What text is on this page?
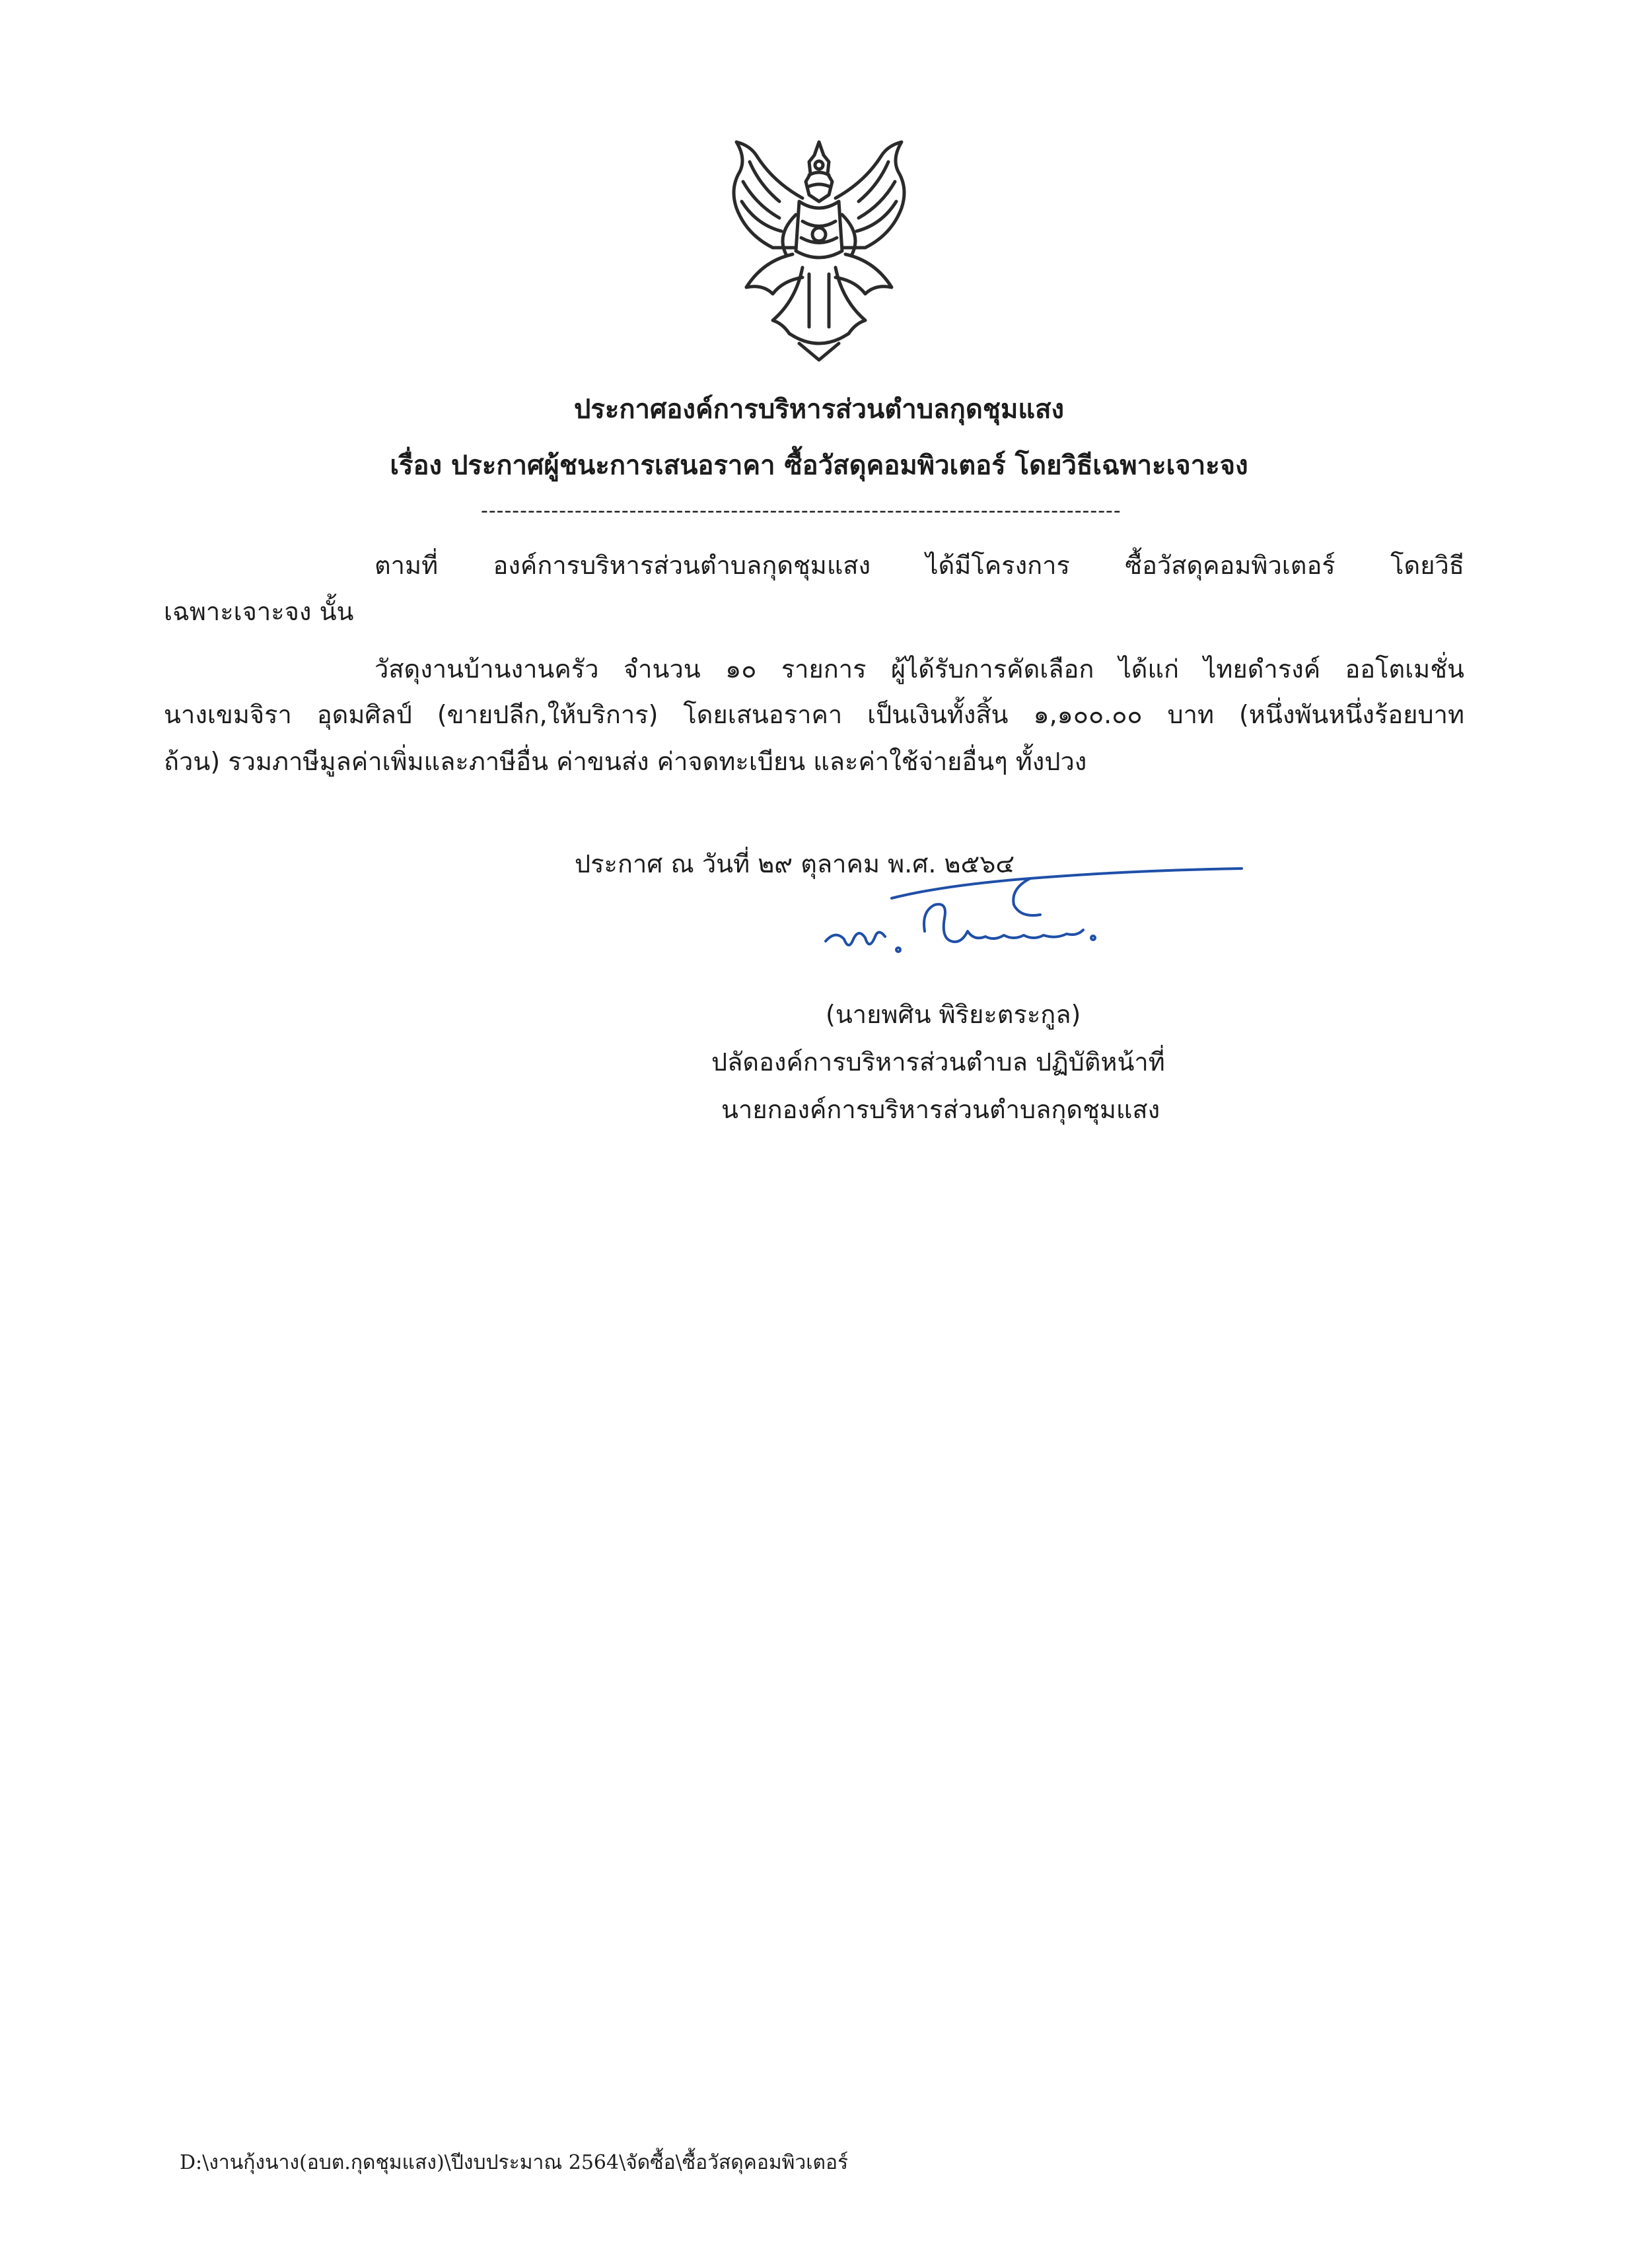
ประกาศองค์การบริหารส่วนตำบลกุดชุมแสง
เรื่อง ประกาศผู้ชนะการเสนอราคา ซื้อวัสดุคอมพิวเตอร์ โดยวิธีเฉพาะเจาะจง
----------------------------------------------------------------------------------
ตามที่ องค์การบริหารส่วนตำบลกุดชุมแสง ได้มีโครงการ ซื้อวัสดุคอมพิวเตอร์ โดยวิธี
เฉพาะเจาะจง นั้น
วัสดุงานบ้านงานครัว จำนวน ๑๐ รายการ ผู้ได้รับการคัดเลือก ได้แก่ ไทยดำรงค์ ออโตเมชั่น
นางเขมจิรา อุดมศิลป์ (ขายปลีก,ให้บริการ) โดยเสนอราคา เป็นเงินทั้งสิ้น ๑,๑๐๐.๐๐ บาท (หนึ่งพันหนึ่งร้อยบาท
ถ้วน) รวมภาษีมูลค่าเพิ่มและภาษีอื่น ค่าขนส่ง ค่าจดทะเบียน และค่าใช้จ่ายอื่นๆ ทั้งปวง
ประกาศ ณ วันที่ ๒๙ ตุลาคม พ.ศ. ๒๕๖๔
(นายพศิน พิริยะตระกูล)
ปลัดองค์การบริหารส่วนตำบล ปฏิบัติหน้าที่
นายกองค์การบริหารส่วนตำบลกุดชุมแสง
D:\งานกุ้งนาง(อบต.กุดชุมแสง)\ปีงบประมาณ 2564\จัดซื้อ\ซื้อวัสดุคอมพิวเตอร์
